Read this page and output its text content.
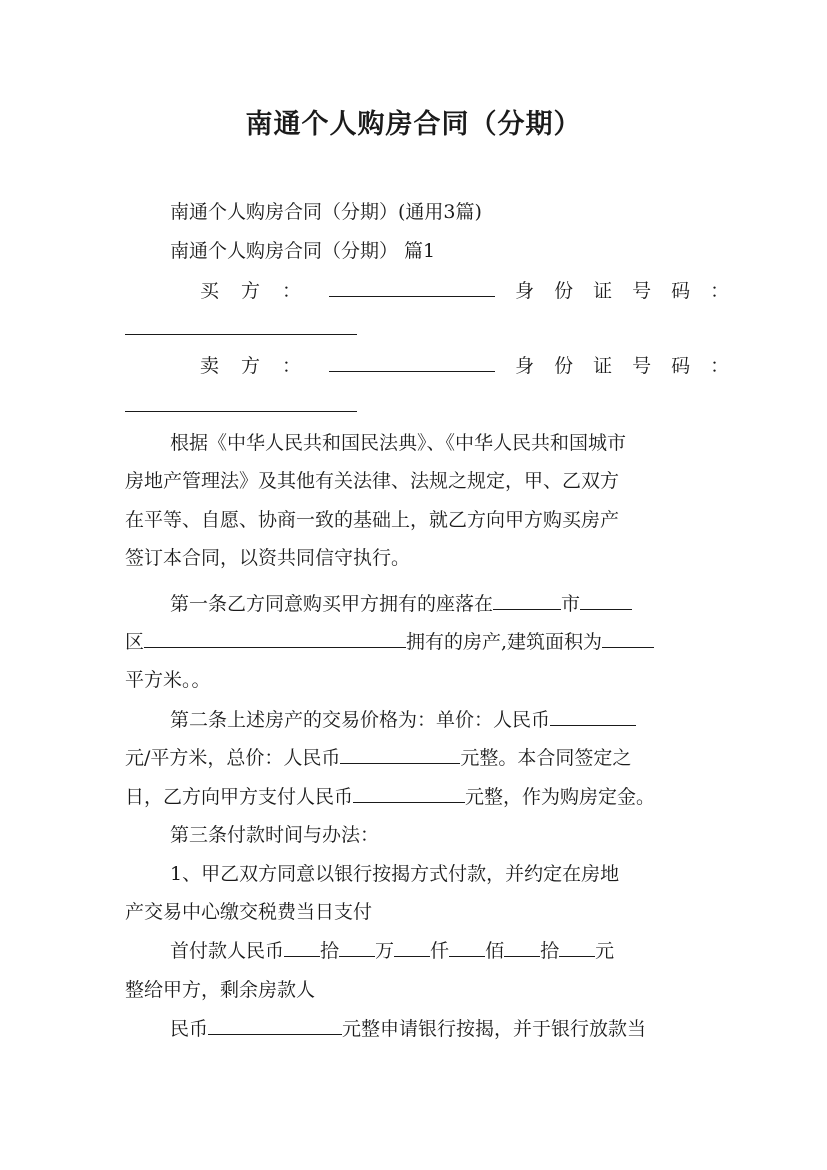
南通个人购房合同（分期）
南通个人购房合同（分期）(通用3篇)
南通个人购房合同（分期） 篇1
买方：	身份证号码：
卖方：	身份证号码：
根据《中华人民共和国民法典》、《中华人民共和国城市
房地产管理法》及其他有关法律、法规之规定，甲、乙双方
在平等、自愿、协商一致的基础上，就乙方向甲方购买房产
签订本合同，以资共同信守执行。
第一条乙方同意购买甲方拥有的座落在	市
区	拥有的房产,建筑面积为
平方米。。
第二条上述房产的交易价格为：单价：人民币
元/平方米，总价：人民币	元整。本合同签定之
日，乙方向甲方支付人民币	元整，作为购房定金。
第三条付款时间与办法：
1、甲乙双方同意以银行按揭方式付款，并约定在房地
产交易中心缴交税费当日支付
首付款人民币 拾 万 仟 佰 拾 元
整给甲方，剩余房款人
民币	元整申请银行按揭，并于银行放款当
